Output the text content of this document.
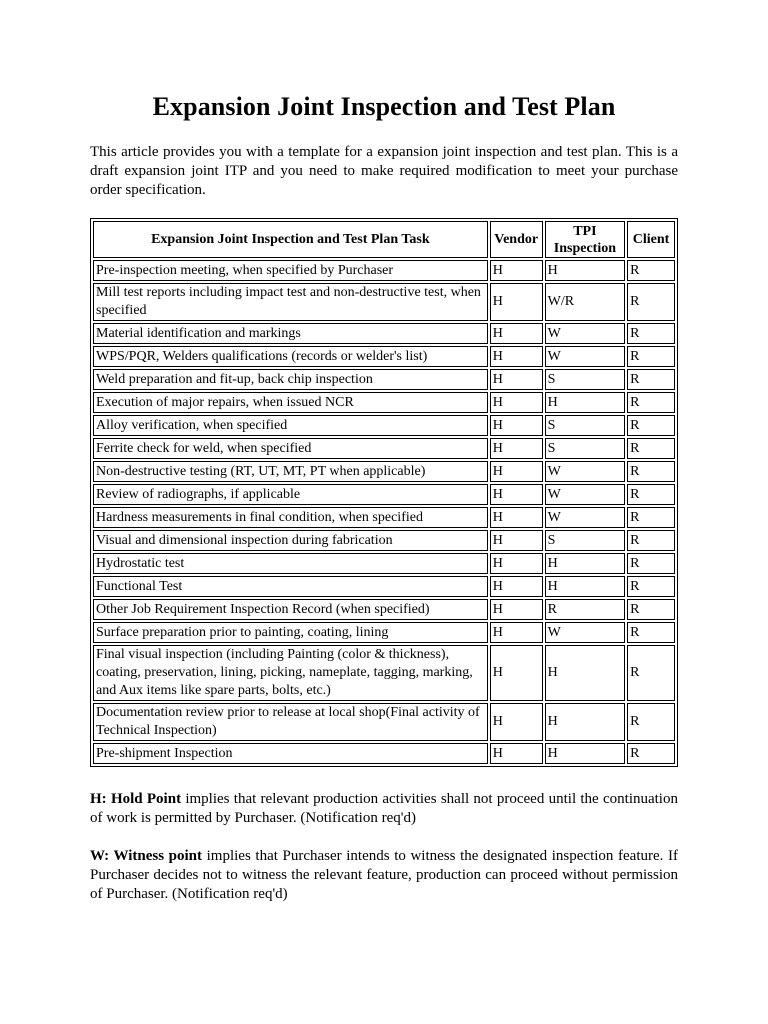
Expansion Joint Inspection and Test Plan

This article provides you with a template for a expansion joint inspection and test plan. This is a draft expansion joint ITP and you need to make required modification to meet your purchase order specification.

Expansion Joint Inspection and Test Plan Task	Vendor	TPI Inspection	Client
Pre-inspection meeting, when specified by Purchaser	H	H	R
Mill test reports including impact test and non-destructive test, when specified	H	W/R	R
Material identification and markings	H	W	R
WPS/PQR, Welders qualifications (records or welder's list)	H	W	R
Weld preparation and fit-up, back chip inspection	H	S	R
Execution of major repairs, when issued NCR	H	H	R
Alloy verification, when specified	H	S	R
Ferrite check for weld, when specified	H	S	R
Non-destructive testing (RT, UT, MT, PT when applicable)	H	W	R
Review of radiographs, if applicable	H	W	R
Hardness measurements in final condition, when specified	H	W	R
Visual and dimensional inspection during fabrication	H	S	R
Hydrostatic test	H	H	R
Functional Test	H	H	R
Other Job Requirement Inspection Record (when specified)	H	R	R
Surface preparation prior to painting, coating, lining	H	W	R
Final visual inspection (including Painting (color & thickness), coating, preservation, lining, picking, nameplate, tagging, marking, and Aux items like spare parts, bolts, etc.)	H	H	R
Documentation review prior to release at local shop(Final activity of Technical Inspection)	H	H	R
Pre-shipment Inspection	H	H	R

H: Hold Point implies that relevant production activities shall not proceed until the continuation of work is permitted by Purchaser. (Notification req'd)

W: Witness point implies that Purchaser intends to witness the designated inspection feature. If Purchaser decides not to witness the relevant feature, production can proceed without permission of Purchaser. (Notification req'd)
